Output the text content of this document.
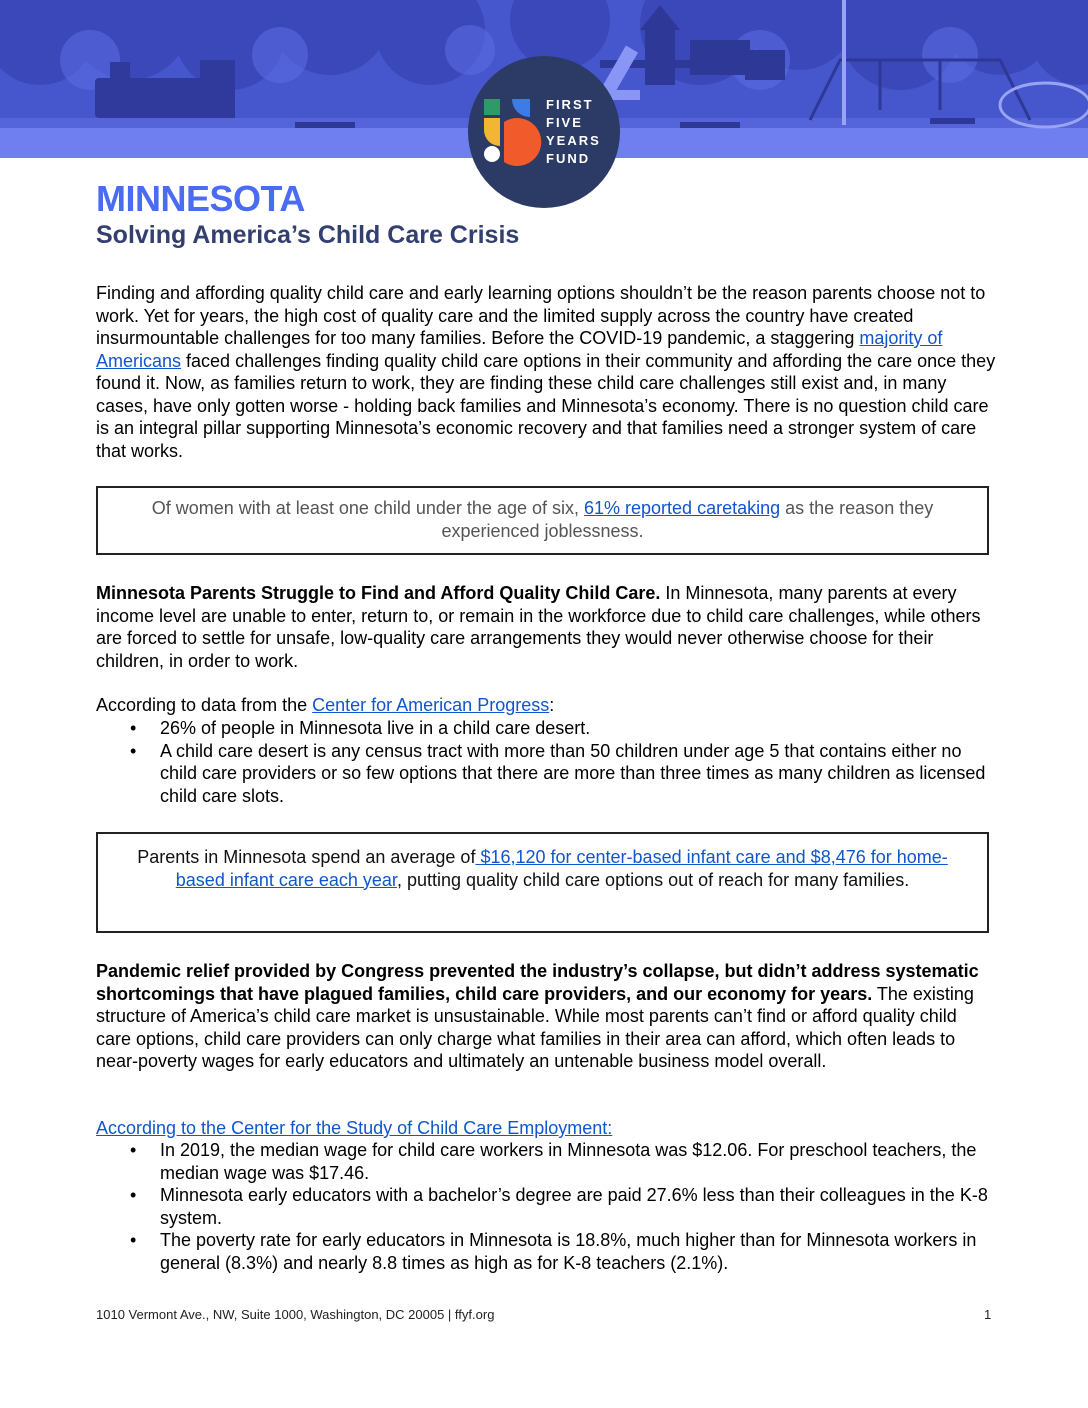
FIRST
FIVE
YEARS
FUND
MINNESOTA
Solving America’s Child Care Crisis

Finding and affording quality child care and early learning options shouldn’t be the reason parents choose not to work. Yet for years, the high cost of quality care and the limited supply across the country have created insurmountable challenges for too many families. Before the COVID-19 pandemic, a staggering majority of Americans faced challenges finding quality child care options in their community and affording the care once they found it. Now, as families return to work, they are finding these child care challenges still exist and, in many cases, have only gotten worse - holding back families and Minnesota’s economy. There is no question child care is an integral pillar supporting Minnesota’s economic recovery and that families need a stronger system of care that works.

Of women with at least one child under the age of six, 61% reported caretaking as the reason they experienced joblessness.

Minnesota Parents Struggle to Find and Afford Quality Child Care. In Minnesota, many parents at every income level are unable to enter, return to, or remain in the workforce due to child care challenges, while others are forced to settle for unsafe, low-quality care arrangements they would never otherwise choose for their children, in order to work.

According to data from the Center for American Progress:

• 26% of people in Minnesota live in a child care desert.
• A child care desert is any census tract with more than 50 children under age 5 that contains either no child care providers or so few options that there are more than three times as many children as licensed child care slots.
Parents in Minnesota spend an average of $16,120 for center-based infant care and $8,476 for home-based infant care each year, putting quality child care options out of reach for many families.

Pandemic relief provided by Congress prevented the industry’s collapse, but didn’t address systematic shortcomings that have plagued families, child care providers, and our economy for years. The existing structure of America’s child care market is unsustainable. While most parents can’t find or afford quality child care options, child care providers can only charge what families in their area can afford, which often leads to near-poverty wages for early educators and ultimately an untenable business model overall.

According to the Center for the Study of Child Care Employment:

• In 2019, the median wage for child care workers in Minnesota was $12.06. For preschool teachers, the median wage was $17.46.
• Minnesota early educators with a bachelor’s degree are paid 27.6% less than their colleagues in the K-8 system.
• The poverty rate for early educators in Minnesota is 18.8%, much higher than for Minnesota workers in general (8.3%) and nearly 8.8 times as high as for K-8 teachers (2.1%).
1010 Vermont Ave., NW, Suite 1000, Washington, DC 20005 | ffyf.org	1
